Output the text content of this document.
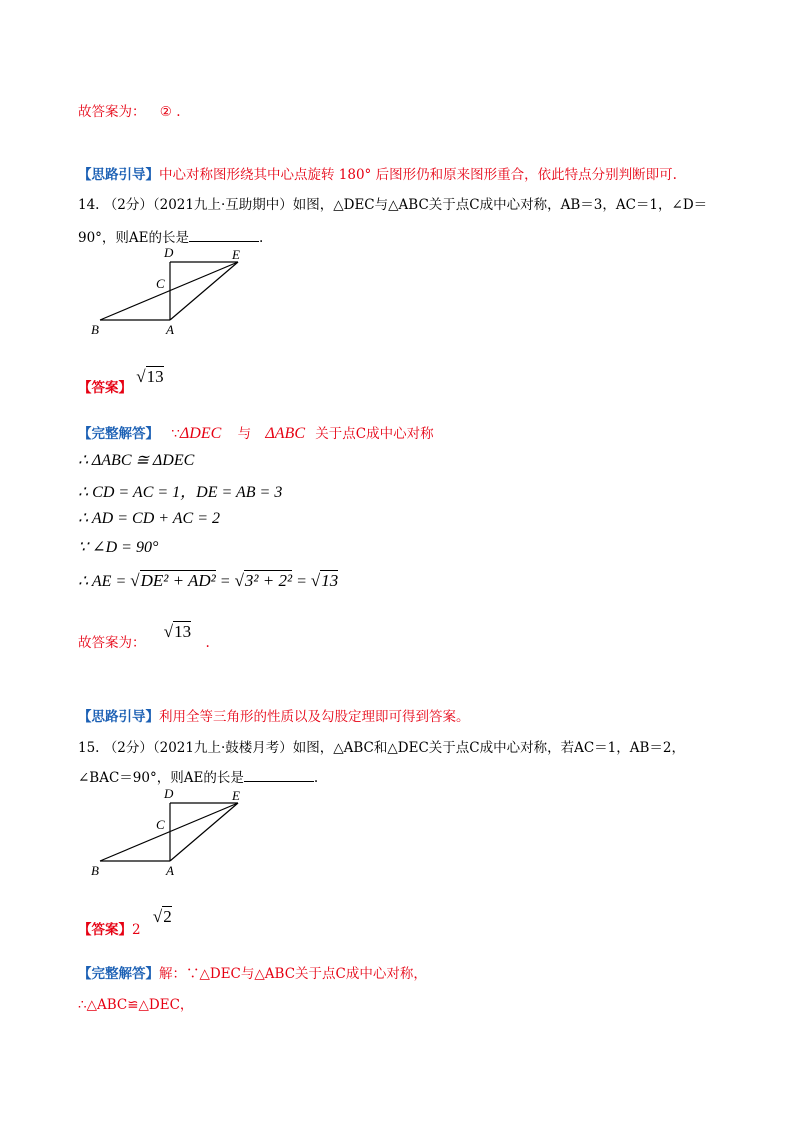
故答案为： ② .
【思路引导】中心对称图形绕其中心点旋转 180° 后图形仍和原来图形重合，依此特点分别判断即可.
14. （2分）（2021九上·互助期中）如图，△DEC与△ABC关于点C成中心对称，AB＝3，AC＝1，∠D＝
90°，则AE的长是	.
D	E
C
B	A
【答案】 √13
【完整解答】 ∵ΔDEC 与 ΔABC 关于点C成中心对称
∴ ΔABC ≅ ΔDEC
∴ CD = AC = 1，DE = AB = 3
∴ AD = CD + AC = 2
∵ ∠D = 90°
∴ AE = √DE² + AD² = √3² + 2² = √13
故答案为： √13 .
【思路引导】利用全等三角形的性质以及勾股定理即可得到答案。
15. （2分）（2021九上·鼓楼月考）如图，△ABC和△DEC关于点C成中心对称，若AC＝1，AB＝2，
∠BAC＝90°，则AE的长是	.
D	E
C
B	A
【答案】2 √2
【完整解答】解：∵△DEC与△ABC关于点C成中心对称，
∴△ABC≌△DEC，
